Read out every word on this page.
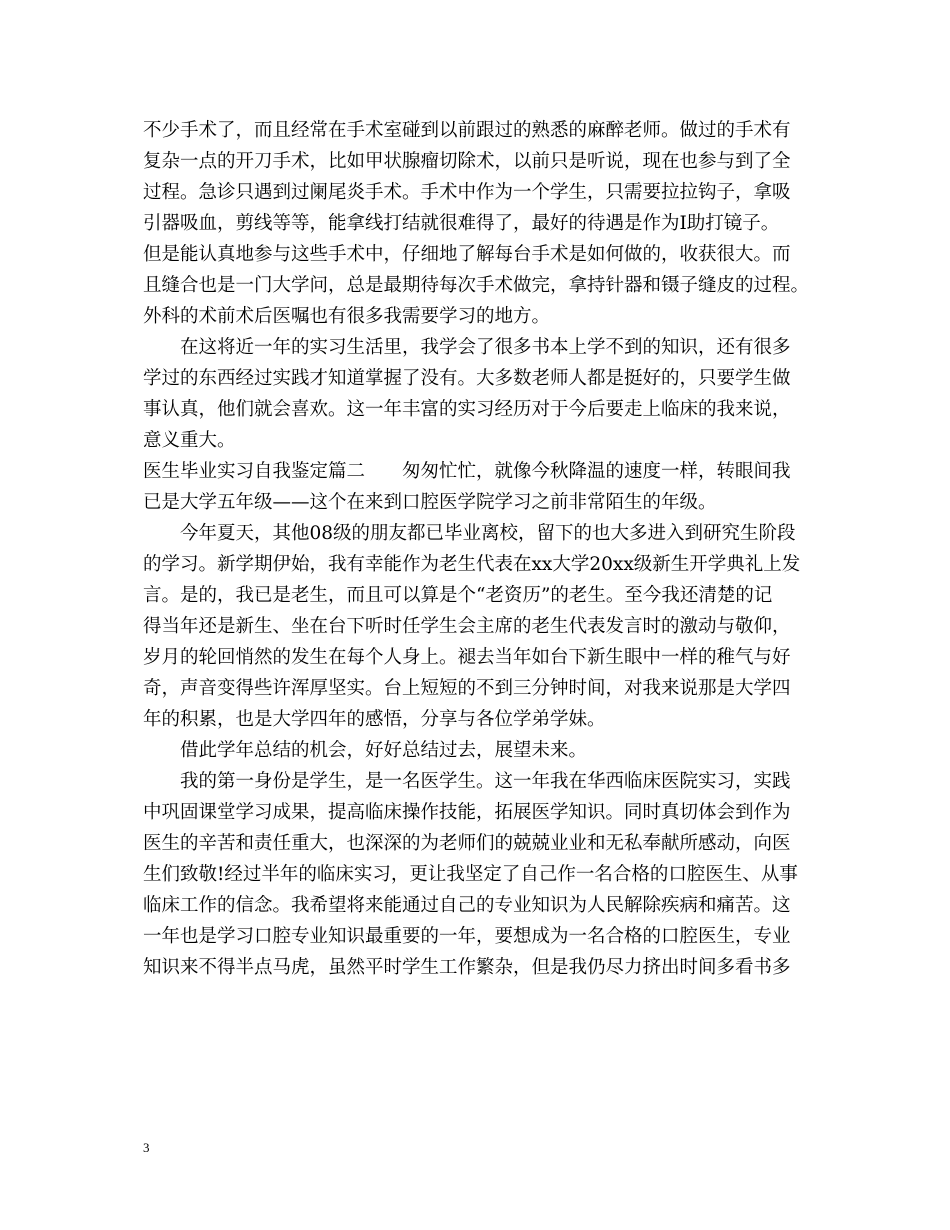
不少手术了，而且经常在手术室碰到以前跟过的熟悉的麻醉老师。做过的手术有
复杂一点的开刀手术，比如甲状腺瘤切除术，以前只是听说，现在也参与到了全
过程。急诊只遇到过阑尾炎手术。手术中作为一个学生，只需要拉拉钩子，拿吸
引器吸血，剪线等等，能拿线打结就很难得了，最好的待遇是作为Ⅰ助打镜子。
但是能认真地参与这些手术中，仔细地了解每台手术是如何做的，收获很大。而
且缝合也是一门大学问，总是最期待每次手术做完，拿持针器和镊子缝皮的过程。
外科的术前术后医嘱也有很多我需要学习的地方。
在这将近一年的实习生活里，我学会了很多书本上学不到的知识，还有很多
学过的东西经过实践才知道掌握了没有。大多数老师人都是挺好的，只要学生做
事认真，他们就会喜欢。这一年丰富的实习经历对于今后要走上临床的我来说，
意义重大。
医生毕业实习自我鉴定篇二　　匆匆忙忙，就像今秋降温的速度一样，转眼间我
已是大学五年级——这个在来到口腔医学院学习之前非常陌生的年级。
今年夏天，其他08级的朋友都已毕业离校，留下的也大多进入到研究生阶段
的学习。新学期伊始，我有幸能作为老生代表在xx大学20xx级新生开学典礼上发
言。是的，我已是老生，而且可以算是个“老资历”的老生。至今我还清楚的记
得当年还是新生、坐在台下听时任学生会主席的老生代表发言时的激动与敬仰，
岁月的轮回悄然的发生在每个人身上。褪去当年如台下新生眼中一样的稚气与好
奇，声音变得些许浑厚坚实。台上短短的不到三分钟时间，对我来说那是大学四
年的积累，也是大学四年的感悟，分享与各位学弟学妹。
借此学年总结的机会，好好总结过去，展望未来。
我的第一身份是学生，是一名医学生。这一年我在华西临床医院实习，实践
中巩固课堂学习成果，提高临床操作技能，拓展医学知识。同时真切体会到作为
医生的辛苦和责任重大，也深深的为老师们的兢兢业业和无私奉献所感动，向医
生们致敬!经过半年的临床实习，更让我坚定了自己作一名合格的口腔医生、从事
临床工作的信念。我希望将来能通过自己的专业知识为人民解除疾病和痛苦。这
一年也是学习口腔专业知识最重要的一年，要想成为一名合格的口腔医生，专业
知识来不得半点马虎，虽然平时学生工作繁杂，但是我仍尽力挤出时间多看书多
3
